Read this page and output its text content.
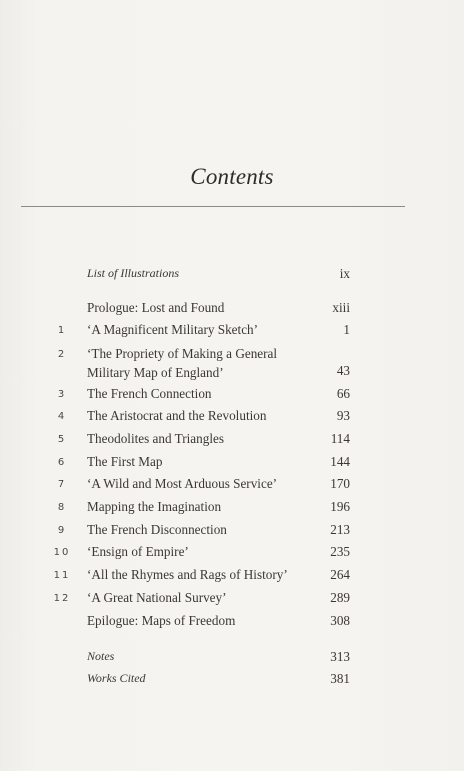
Contents
List of Illustrations	ix
Prologue: Lost and Found	xiii
1	‘A Magnificent Military Sketch’	1
2	‘The Propriety of Making a General Military Map of England’	43
3	The French Connection	66
4	The Aristocrat and the Revolution	93
5	Theodolites and Triangles	114
6	The First Map	144
7	‘A Wild and Most Arduous Service’	170
8	Mapping the Imagination	196
9	The French Disconnection	213
10 ‘Ensign of Empire’	235
11 ‘All the Rhymes and Rags of History’	264
12 ‘A Great National Survey’	289
Epilogue: Maps of Freedom	308
Notes	313
Works Cited	381
